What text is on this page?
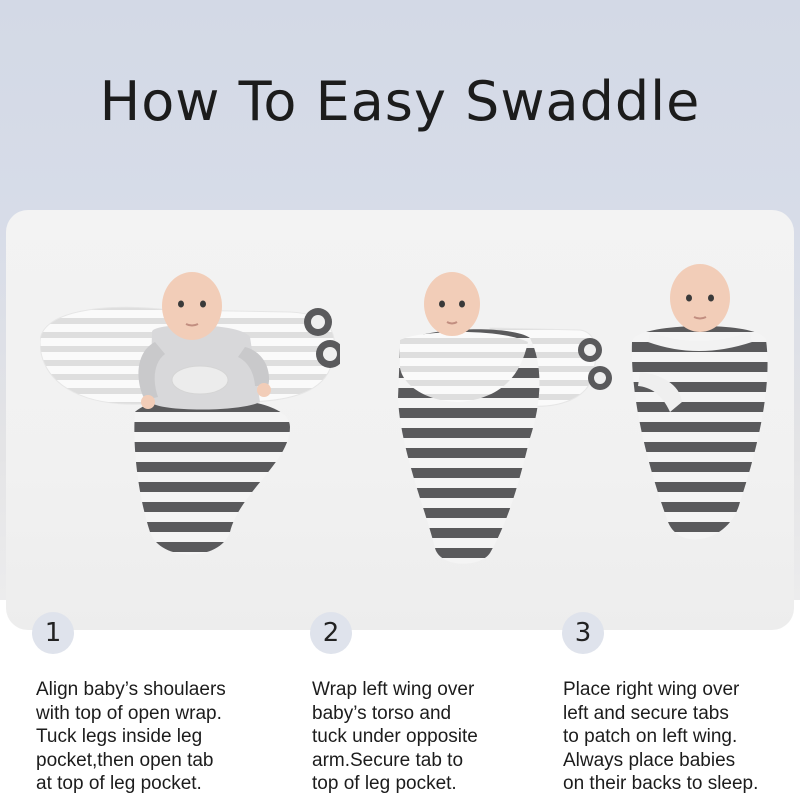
How To Easy Swaddle
1	2	3
Align baby’s shoulaers
with top of open wrap.
Tuck legs inside leg
pocket,then open tab
at top of leg pocket.
Wrap left wing over
baby’s torso and
tuck under opposite
arm.Secure tab to
top of leg pocket.
Place right wing over
left and secure tabs
to patch on left wing.
Always place babies
on their backs to sleep.
